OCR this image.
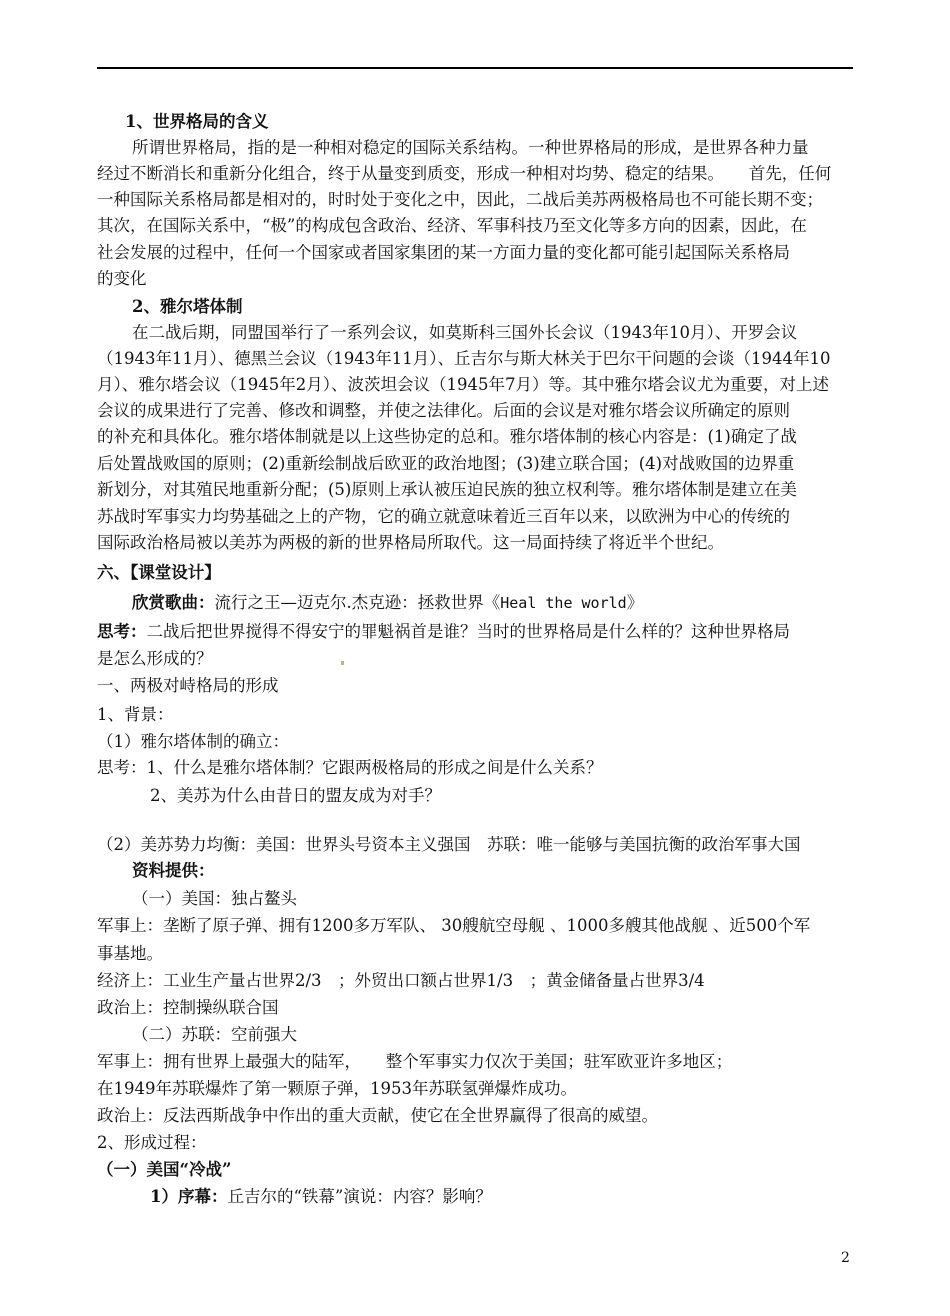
1、世界格局的含义
所谓世界格局，指的是一种相对稳定的国际关系结构。一种世界格局的形成，是世界各种力量
经过不断消长和重新分化组合，终于从量变到质变，形成一种相对均势、稳定的结果。　　首先，任何
一种国际关系格局都是相对的，时时处于变化之中，因此，二战后美苏两极格局也不可能长期不变；
其次，在国际关系中，“极”的构成包含政治、经济、军事科技乃至文化等多方向的因素，因此，在
社会发展的过程中，任何一个国家或者国家集团的某一方面力量的变化都可能引起国际关系格局
的变化
2、雅尔塔体制
在二战后期，同盟国举行了一系列会议，如莫斯科三国外长会议（1943年10月）、开罗会议
（1943年11月）、德黑兰会议（1943年11月）、丘吉尔与斯大林关于巴尔干问题的会谈（1944年10
月）、雅尔塔会议（1945年2月）、波茨坦会议（1945年7月）等。其中雅尔塔会议尤为重要，对上述
会议的成果进行了完善、修改和调整，并使之法律化。后面的会议是对雅尔塔会议所确定的原则
的补充和具体化。雅尔塔体制就是以上这些协定的总和。雅尔塔体制的核心内容是：(1)确定了战
后处置战败国的原则；(2)重新绘制战后欧亚的政治地图；(3)建立联合国；(4)对战败国的边界重
新划分，对其殖民地重新分配；(5)原则上承认被压迫民族的独立权利等。雅尔塔体制是建立在美
苏战时军事实力均势基础之上的产物，它的确立就意味着近三百年以来，以欧洲为中心的传统的
国际政治格局被以美苏为两极的新的世界格局所取代。这一局面持续了将近半个世纪。
六、【课堂设计】
欣赏歌曲：流行之王—迈克尔.杰克逊：拯救世界《Heal the world》
思考：二战后把世界搅得不得安宁的罪魁祸首是谁？当时的世界格局是什么样的？这种世界格局
是怎么形成的？
一、两极对峙格局的形成
1、背景：
（1）雅尔塔体制的确立：
思考：1、什么是雅尔塔体制？它跟两极格局的形成之间是什么关系？
2、美苏为什么由昔日的盟友成为对手？
（2）美苏势力均衡：美国：世界头号资本主义强国　苏联：唯一能够与美国抗衡的政治军事大国
资料提供：
（一）美国：独占鳌头
军事上：垄断了原子弹、拥有1200多万军队、 30艘航空母舰 、1000多艘其他战舰 、近500个军
事基地。
经济上：工业生产量占世界2/3　；外贸出口额占世界1/3　；黄金储备量占世界3/4
政治上：控制操纵联合国
（二）苏联：空前强大
军事上：拥有世界上最强大的陆军，　　整个军事实力仅次于美国；驻军欧亚许多地区；
在1949年苏联爆炸了第一颗原子弹，1953年苏联氢弹爆炸成功。
政治上：反法西斯战争中作出的重大贡献，使它在全世界赢得了很高的威望。
2、形成过程：
（一）美国“冷战”
1）序幕：丘吉尔的“铁幕”演说：内容？影响？
2
